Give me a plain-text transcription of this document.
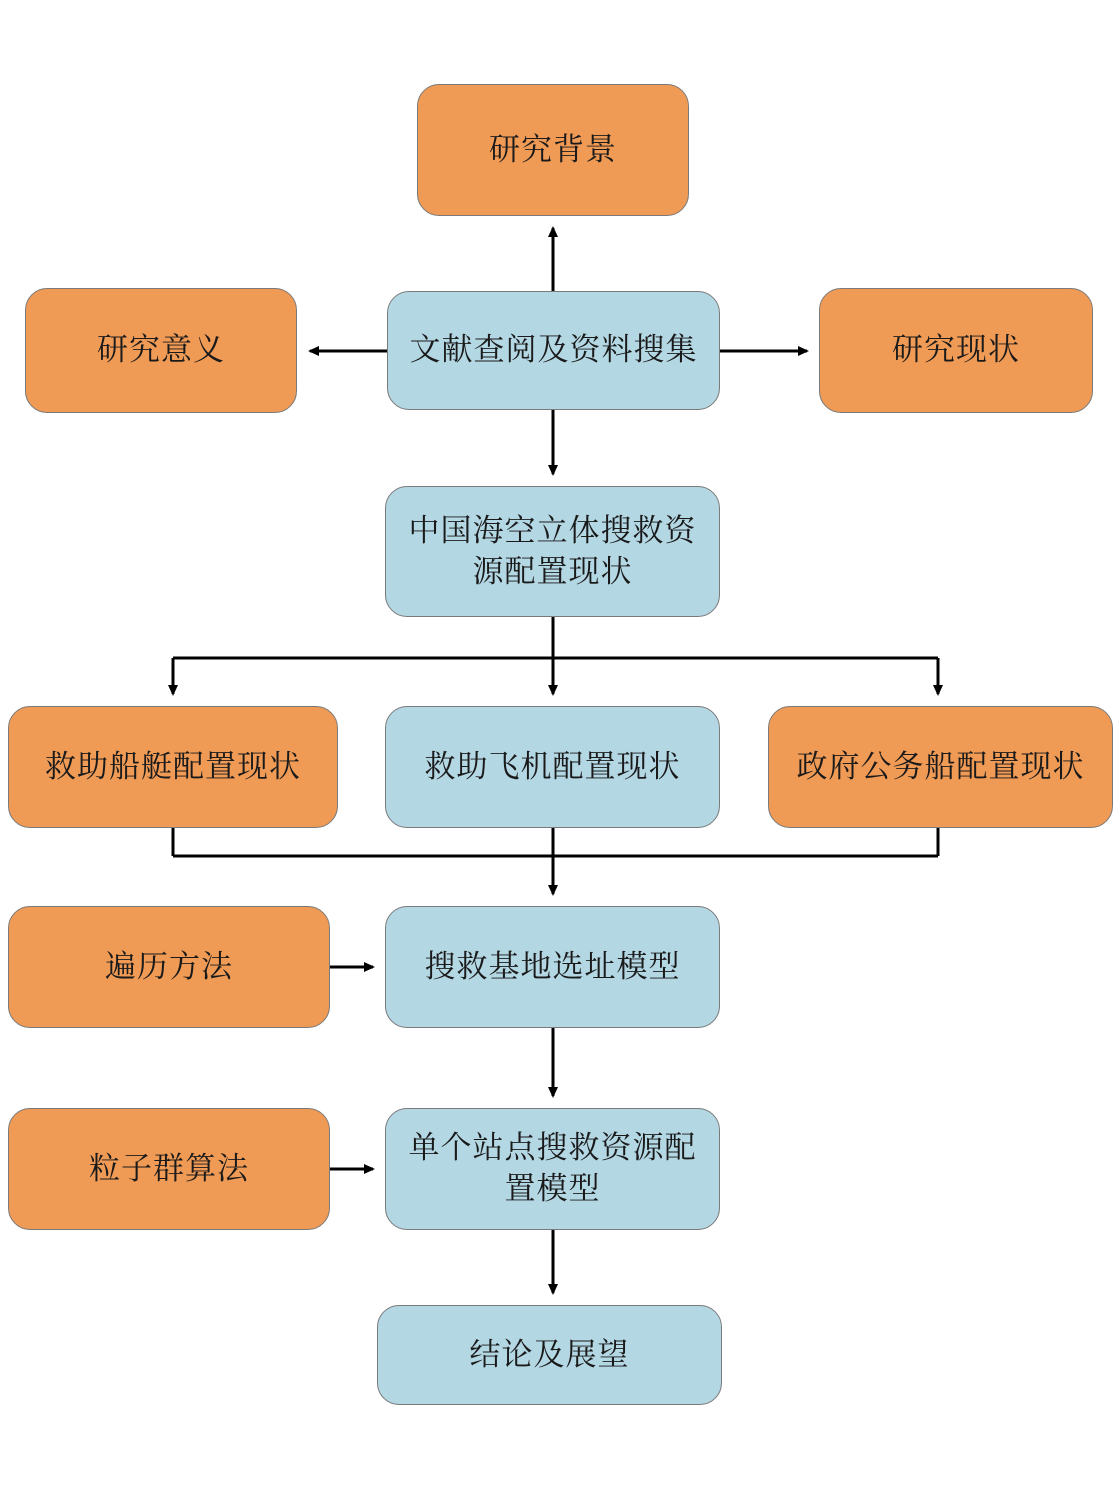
研究背景
研究意义	文献查阅及资料搜集	研究现状
中国海空立体搜救资源配置现状
救助船艇配置现状	救助飞机配置现状	政府公务船配置现状
遍历方法	搜救基地选址模型
粒子群算法
单个站点搜救资源配置模型
结论及展望
